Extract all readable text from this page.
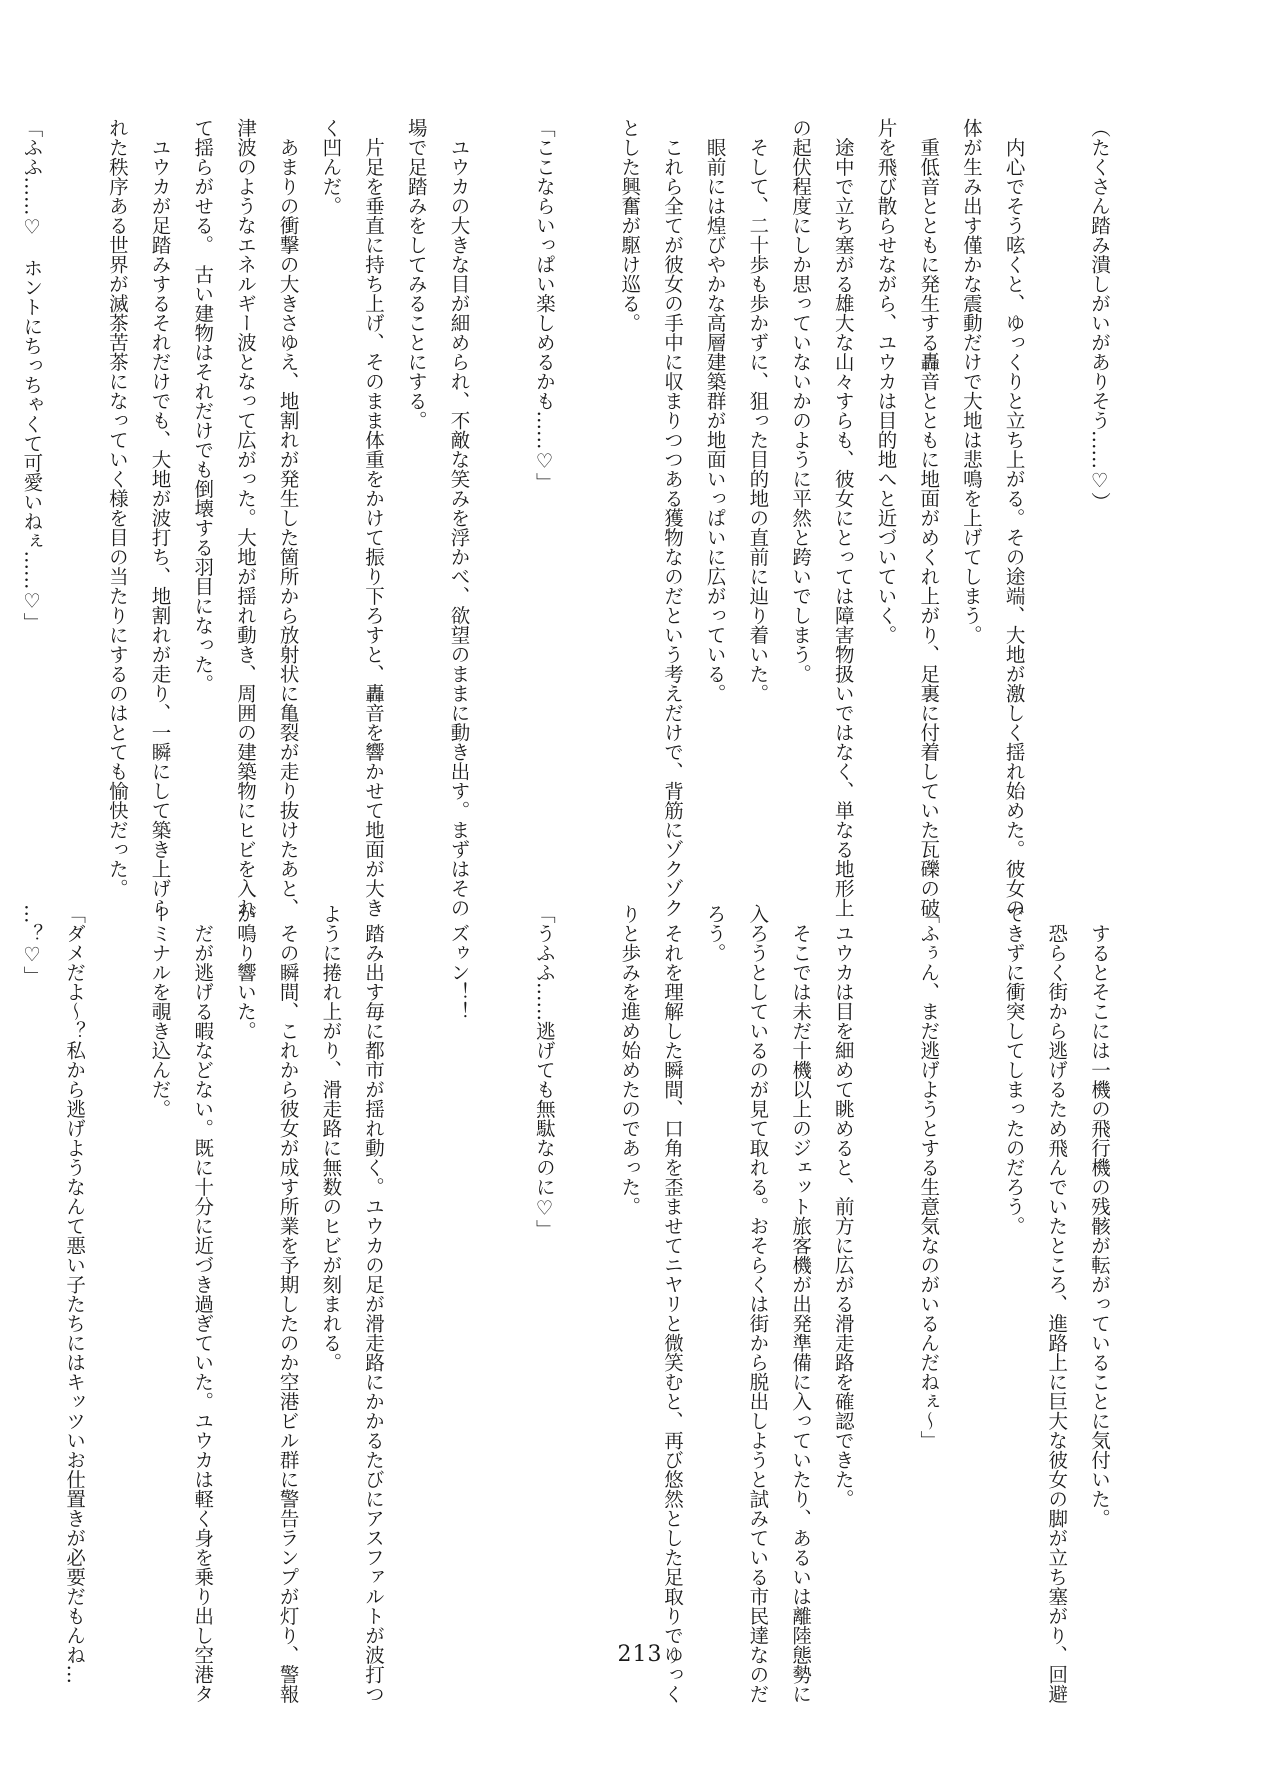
（たくさん踏み潰しがいがありそう……♡）

　内心でそう呟くと、ゆっくりと立ち上がる。その途端、大地が激しく揺れ始めた。彼女の
体が生み出す僅かな震動だけで大地は悲鳴を上げてしまう。
　重低音とともに発生する轟音とともに地面がめくれ上がり、足裏に付着していた瓦礫の破
片を飛び散らせながら、ユウカは目的地へと近づいていく。
　途中で立ち塞がる雄大な山々すらも、彼女にとっては障害物扱いではなく、単なる地形上
の起伏程度にしか思っていないかのように平然と跨いでしまう。
　そして、二十歩も歩かずに、狙った目的地の直前に辿り着いた。
　眼前には煌びやかな高層建築群が地面いっぱいに広がっている。
　これら全てが彼女の手中に収まりつつある獲物なのだという考えだけで、背筋にゾクゾク
とした興奮が駆け巡る。

「ここならいっぱい楽しめるかも……♡」

　ユウカの大きな目が細められ、不敵な笑みを浮かべ、欲望のままに動き出す。まずはその
場で足踏みをしてみることにする。
　片足を垂直に持ち上げ、そのまま体重をかけて振り下ろすと、轟音を響かせて地面が大き
く凹んだ。
　あまりの衝撃の大きさゆえ、地割れが発生した箇所から放射状に亀裂が走り抜けたあと、
津波のようなエネルギー波となって広がった。大地が揺れ動き、周囲の建築物にヒビを入れ
て揺らがせる。　古い建物はそれだけでも倒壊する羽目になった。
　ユウカが足踏みするそれだけでも、大地が波打ち、地割れが走り、一瞬にして築き上げら
れた秩序ある世界が滅茶苦茶になっていく様を目の当たりにするのはとても愉快だった。

「ふふ……♡　ホントにちっちゃくて可愛いねぇ……♡」

　するとそこには一機の飛行機の残骸が転がっていることに気付いた。
　恐らく街から逃げるため飛んでいたところ、進路上に巨大な彼女の脚が立ち塞がり、回避
できずに衝突してしまったのだろう。

「ふぅん、まだ逃げようとする生意気なのがいるんだねぇ～」

　ユウカは目を細めて眺めると、前方に広がる滑走路を確認できた。
　そこでは未だ十機以上のジェット旅客機が出発準備に入っていたり、あるいは離陸態勢に
入ろうとしているのが見て取れる。おそらくは街から脱出しようと試みている市民達なのだ
ろう。
　それを理解した瞬間、口角を歪ませてニヤリと微笑むと、再び悠然とした足取りでゆっく
りと歩みを進め始めたのであった。

「うふふ……逃げても無駄なのに♡」

　ズゥン！！

　踏み出す毎に都市が揺れ動く。ユウカの足が滑走路にかかるたびにアスファルトが波打つ
ように捲れ上がり、滑走路に無数のヒビが刻まれる。
　その瞬間、これから彼女が成す所業を予期したのか空港ビル群に警告ランプが灯り、警報
が鳴り響いた。
　だが逃げる暇などない。既に十分に近づき過ぎていた。ユウカは軽く身を乗り出し空港タ
ーミナルを覗き込んだ。

「ダメだよ～？私から逃げようなんて悪い子たちにはキッツいお仕置きが必要だもんね…
…？♡」

213
